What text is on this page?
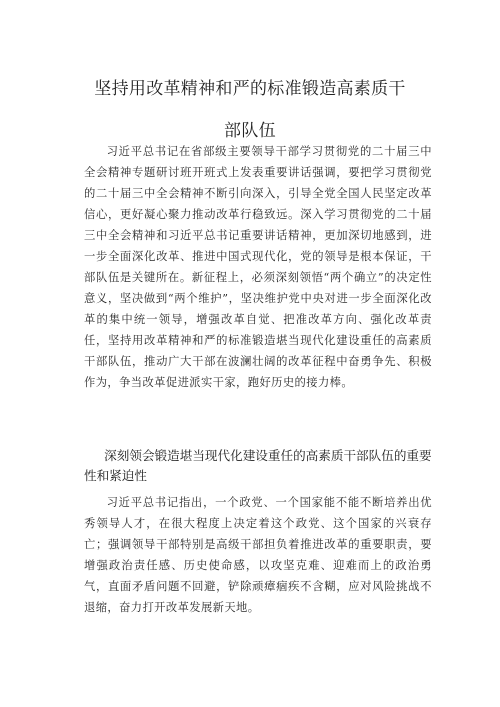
坚持用改革精神和严的标准锻造高素质干
部队伍

习近平总书记在省部级主要领导干部学习贯彻党的二十届三中全会精神专题研讨班开班式上发表重要讲话强调，要把学习贯彻党的二十届三中全会精神不断引向深入，引导全党全国人民坚定改革信心，更好凝心聚力推动改革行稳致远。深入学习贯彻党的二十届三中全会精神和习近平总书记重要讲话精神，更加深切地感到，进一步全面深化改革、推进中国式现代化，党的领导是根本保证，干部队伍是关键所在。新征程上，必须深刻领悟“两个确立”的决定性意义，坚决做到“两个维护”，坚决维护党中央对进一步全面深化改革的集中统一领导，增强改革自觉、把准改革方向、强化改革责任，坚持用改革精神和严的标准锻造堪当现代化建设重任的高素质干部队伍，推动广大干部在波澜壮阔的改革征程中奋勇争先、积极作为，争当改革促进派实干家，跑好历史的接力棒。

深刻领会锻造堪当现代化建设重任的高素质干部队伍的重要性和紧迫性

习近平总书记指出，一个政党、一个国家能不能不断培养出优秀领导人才，在很大程度上决定着这个政党、这个国家的兴衰存亡；强调领导干部特别是高级干部担负着推进改革的重要职责，要增强政治责任感、历史使命感，以攻坚克难、迎难而上的政治勇气，直面矛盾问题不回避，铲除顽瘴痼疾不含糊，应对风险挑战不退缩，奋力打开改革发展新天地。
